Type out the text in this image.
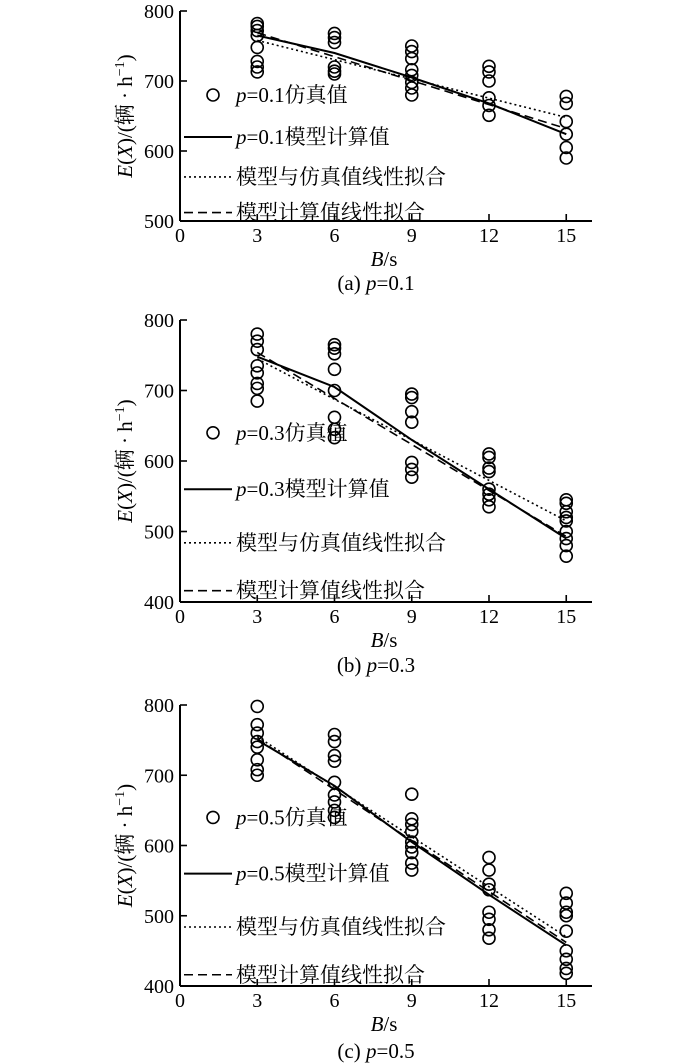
0	3	6	9	12	15
500
600
700
800
B/s
E(X)/(辆 · $h^{-1}$)
p=0.1仿真值
p=0.1模型计算值
模型与仿真值线性拟合
模型计算值线性拟合
(a) p=0.1
0	3	6	9	12	15
400
500
600
700
800
B/s
E(X)/(辆 · $h^{-1}$)
p=0.3仿真值
p=0.3模型计算值
模型与仿真值线性拟合
模型计算值线性拟合
(b) p=0.3
0	3	6	9	12	15
400
500
600
700
800
B/s
E(X)/(辆 · $h^{-1}$)
p=0.5仿真值
p=0.5模型计算值
模型与仿真值线性拟合
模型计算值线性拟合
(c) p=0.5
